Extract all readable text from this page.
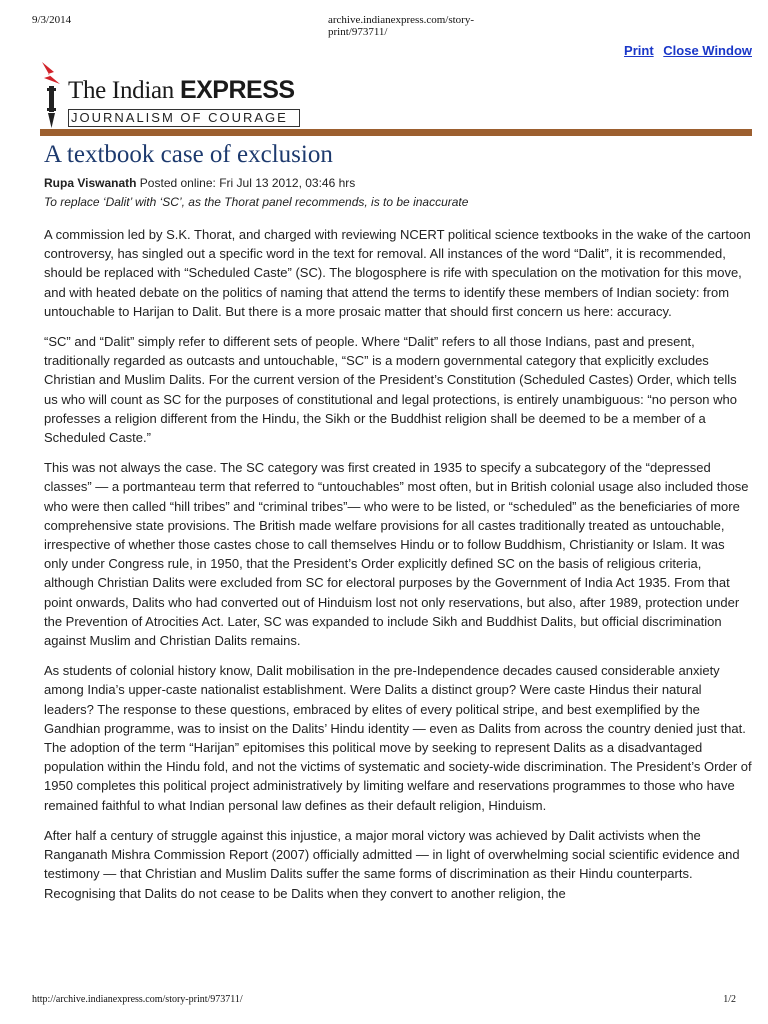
9/3/2014	archive.indianexpress.com/story-print/973711/
Print Close Window
The Indian EXPRESS
JOURNALISM OF COURAGE
A textbook case of exclusion
Rupa Viswanath Posted online: Fri Jul 13 2012, 03:46 hrs
To replace ‘Dalit’ with ‘SC’, as the Thorat panel recommends, is to be inaccurate

A commission led by S.K. Thorat, and charged with reviewing NCERT political science textbooks in the wake of the cartoon controversy, has singled out a specific word in the text for removal. All instances of the word “Dalit”, it is recommended, should be replaced with “Scheduled Caste” (SC). The blogosphere is rife with speculation on the motivation for this move, and with heated debate on the politics of naming that attend the terms to identify these members of Indian society: from untouchable to Harijan to Dalit. But there is a more prosaic matter that should first concern us here: accuracy.

“SC” and “Dalit” simply refer to different sets of people. Where “Dalit” refers to all those Indians, past and present, traditionally regarded as outcasts and untouchable, “SC” is a modern governmental category that explicitly excludes Christian and Muslim Dalits. For the current version of the President’s Constitution (Scheduled Castes) Order, which tells us who will count as SC for the purposes of constitutional and legal protections, is entirely unambiguous: “no person who professes a religion different from the Hindu, the Sikh or the Buddhist religion shall be deemed to be a member of a Scheduled Caste.”

This was not always the case. The SC category was first created in 1935 to specify a subcategory of the “depressed classes” — a portmanteau term that referred to “untouchables” most often, but in British colonial usage also included those who were then called “hill tribes” and “criminal tribes”— who were to be listed, or “scheduled” as the beneficiaries of more comprehensive state provisions. The British made welfare provisions for all castes traditionally treated as untouchable, irrespective of whether those castes chose to call themselves Hindu or to follow Buddhism, Christianity or Islam. It was only under Congress rule, in 1950, that the President’s Order explicitly defined SC on the basis of religious criteria, although Christian Dalits were excluded from SC for electoral purposes by the Government of India Act 1935. From that point onwards, Dalits who had converted out of Hinduism lost not only reservations, but also, after 1989, protection under the Prevention of Atrocities Act. Later, SC was expanded to include Sikh and Buddhist Dalits, but official discrimination against Muslim and Christian Dalits remains.

As students of colonial history know, Dalit mobilisation in the pre-Independence decades caused considerable anxiety among India’s upper-caste nationalist establishment. Were Dalits a distinct group? Were caste Hindus their natural leaders? The response to these questions, embraced by elites of every political stripe, and best exemplified by the Gandhian programme, was to insist on the Dalits’ Hindu identity — even as Dalits from across the country denied just that. The adoption of the term “Harijan” epitomises this political move by seeking to represent Dalits as a disadvantaged population within the Hindu fold, and not the victims of systematic and society-wide discrimination. The President’s Order of 1950 completes this political project administratively by limiting welfare and reservations programmes to those who have remained faithful to what Indian personal law defines as their default religion, Hinduism.

After half a century of struggle against this injustice, a major moral victory was achieved by Dalit activists when the Ranganath Mishra Commission Report (2007) officially admitted — in light of overwhelming social scientific evidence and testimony — that Christian and Muslim Dalits suffer the same forms of discrimination as their Hindu counterparts. Recognising that Dalits do not cease to be Dalits when they convert to another religion, the

http://archive.indianexpress.com/story-print/973711/	1/2
